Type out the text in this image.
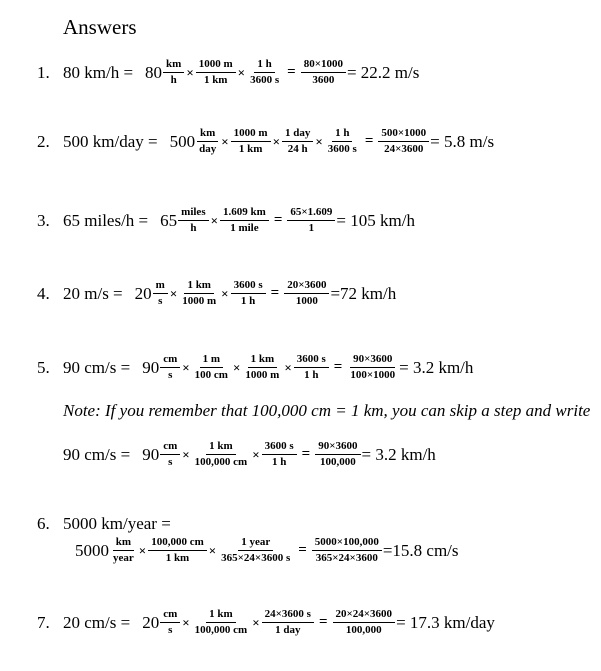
Answers
1. 80 $km/h = 80 \frac{km}{h} \times \frac{1000 m}{1 km} \times \frac{1 h}{3600 s} = \frac{80\times 1000}{3600} = 22.2$ m/s
2. 500 $km/day = 500 \frac{km}{\text{day}} \times \frac{1000 m}{1 km} \times \frac{\text{1 day}}{24 h} \times \frac{1 h}{3600 s} = \frac{500\times 1000}{24\times 3600} = 5.8$ m/s
3. 65 miles/h = $65 \frac{\text{miles}}{h} \times \frac{1.609 km}{\text{1 mile}} = \frac{65\times 1.609}{1} = 105$ km/h
4. 20 $m/s = 20 \frac{m}{s} \times \frac{1 km}{1000 m} \times \frac{3600 s}{1 h} = \frac{20\times 3600}{1000} =72$ km/h
5. 90 $cm/s = 90 \frac{cm}{s} \times \frac{1 m}{100 cm} \times \frac{1 km}{1000 m} \times \frac{3600 s}{1 h} = \frac{90\times 3600}{100\times 1000} = 3.2$ km/h
Note: If you remember that 100,000 cm = 1 km, you can skip a step and write
90 $cm/s = 90 \frac{cm}{s} \times \frac{1 km}{100,000 cm} \times \frac{3600 s}{1 h} = \frac{90\times 3600}{100,000} = 3.2$ km/h
6. 5000 km/year =
$5000 \frac{km}{\text{year}} \times \frac{100,000 cm}{1 km} \times \frac{\text{1 year}}{365\times 24\times 3600 s} = \frac{5000\times 100,000}{365\times 24\times 3600} =15.8$ cm/s
7. 20 $cm/s = 20 \frac{cm}{s} \times \frac{1 km}{100,000 cm} \times \frac{24\times 3600 s}{\text{1 day}} = \frac{20\times 24\times 3600}{100,000} = 17.3$ km/day
